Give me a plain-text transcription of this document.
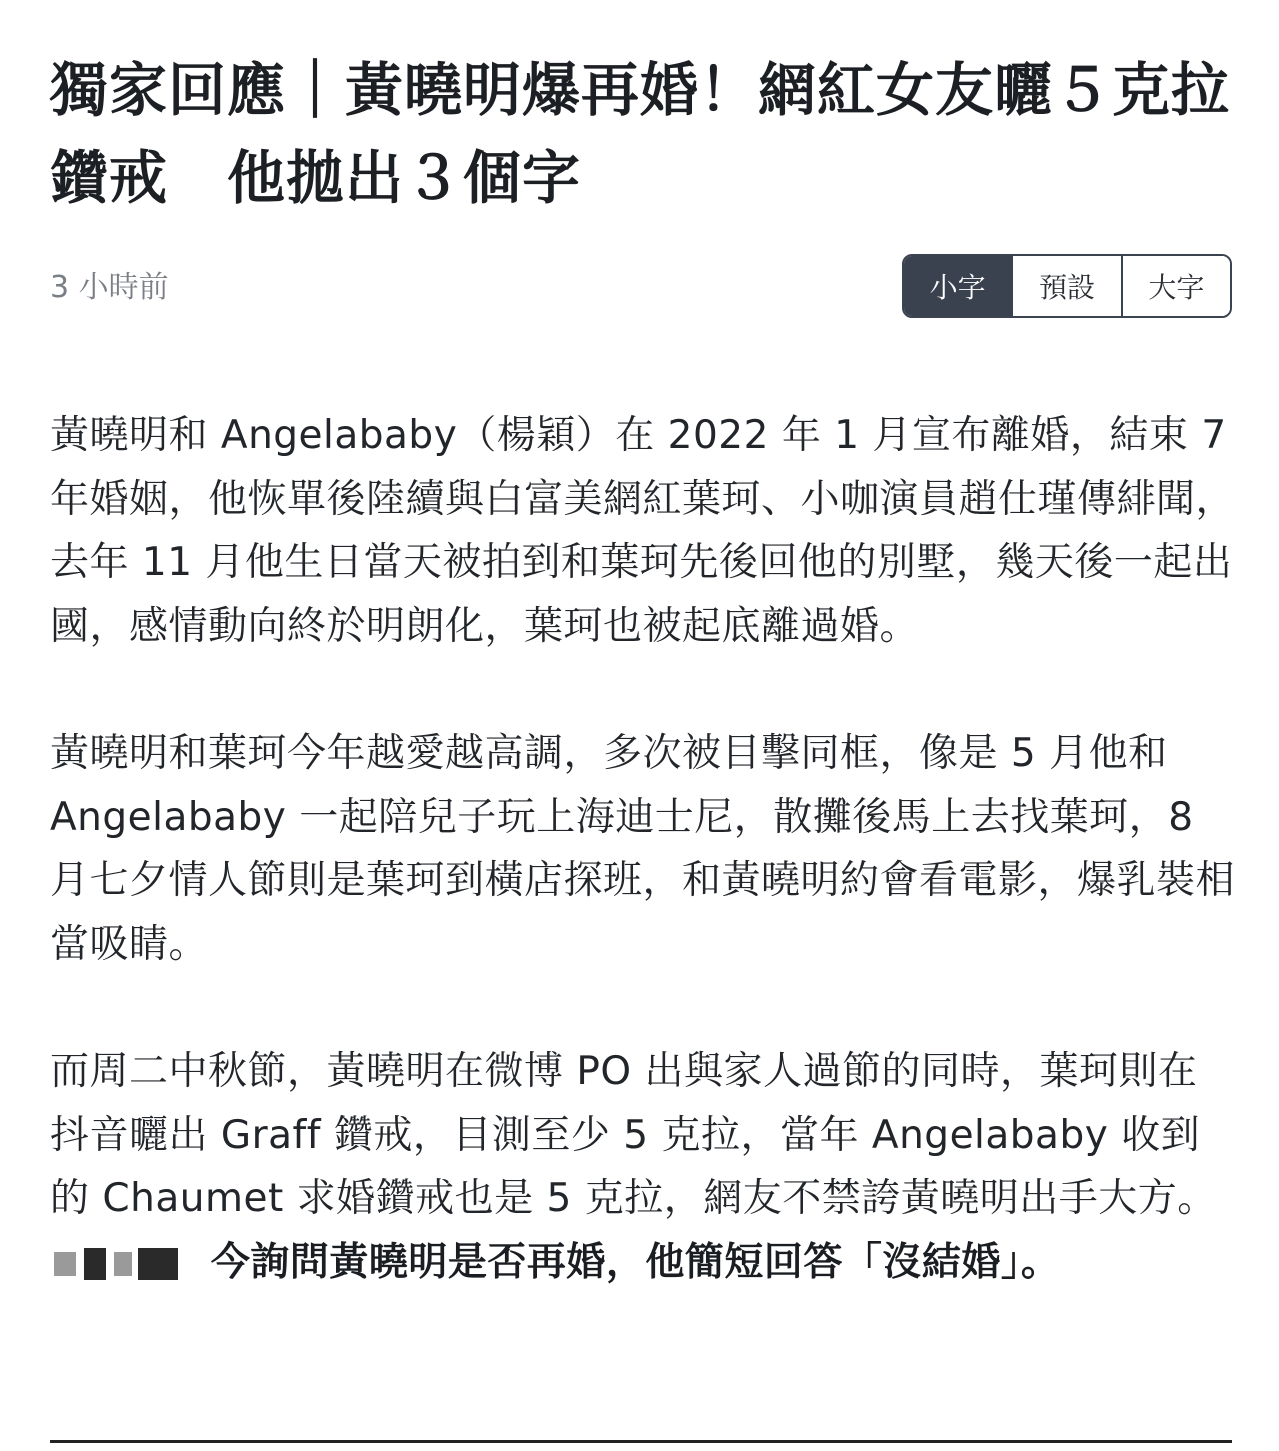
獨家回應｜黃曉明爆再婚！網紅女友曬５克拉鑽戒　他拋出３個字
3 小時前	小字	預設	大字

黃曉明和 Angelababy（楊穎）在 2022 年 1 月宣布離婚，結束 7 年婚姻，他恢單後陸續與白富美網紅葉珂、小咖演員趙仕瑾傳緋聞，去年 11 月他生日當天被拍到和葉珂先後回他的別墅，幾天後一起出國，感情動向終於明朗化，葉珂也被起底離過婚。

黃曉明和葉珂今年越愛越高調，多次被目擊同框，像是 5 月他和 Angelababy 一起陪兒子玩上海迪士尼，散攤後馬上去找葉珂，8 月七夕情人節則是葉珂到橫店探班，和黃曉明約會看電影，爆乳裝相當吸睛。

而周二中秋節，黃曉明在微博 PO 出與家人過節的同時，葉珂則在抖音曬出 Graff 鑽戒，目測至少 5 克拉，當年 Angelababy 收到的 Chaumet 求婚鑽戒也是 5 克拉，網友不禁誇黃曉明出手大方。
今詢問黃曉明是否再婚，他簡短回答「沒結婚」。
